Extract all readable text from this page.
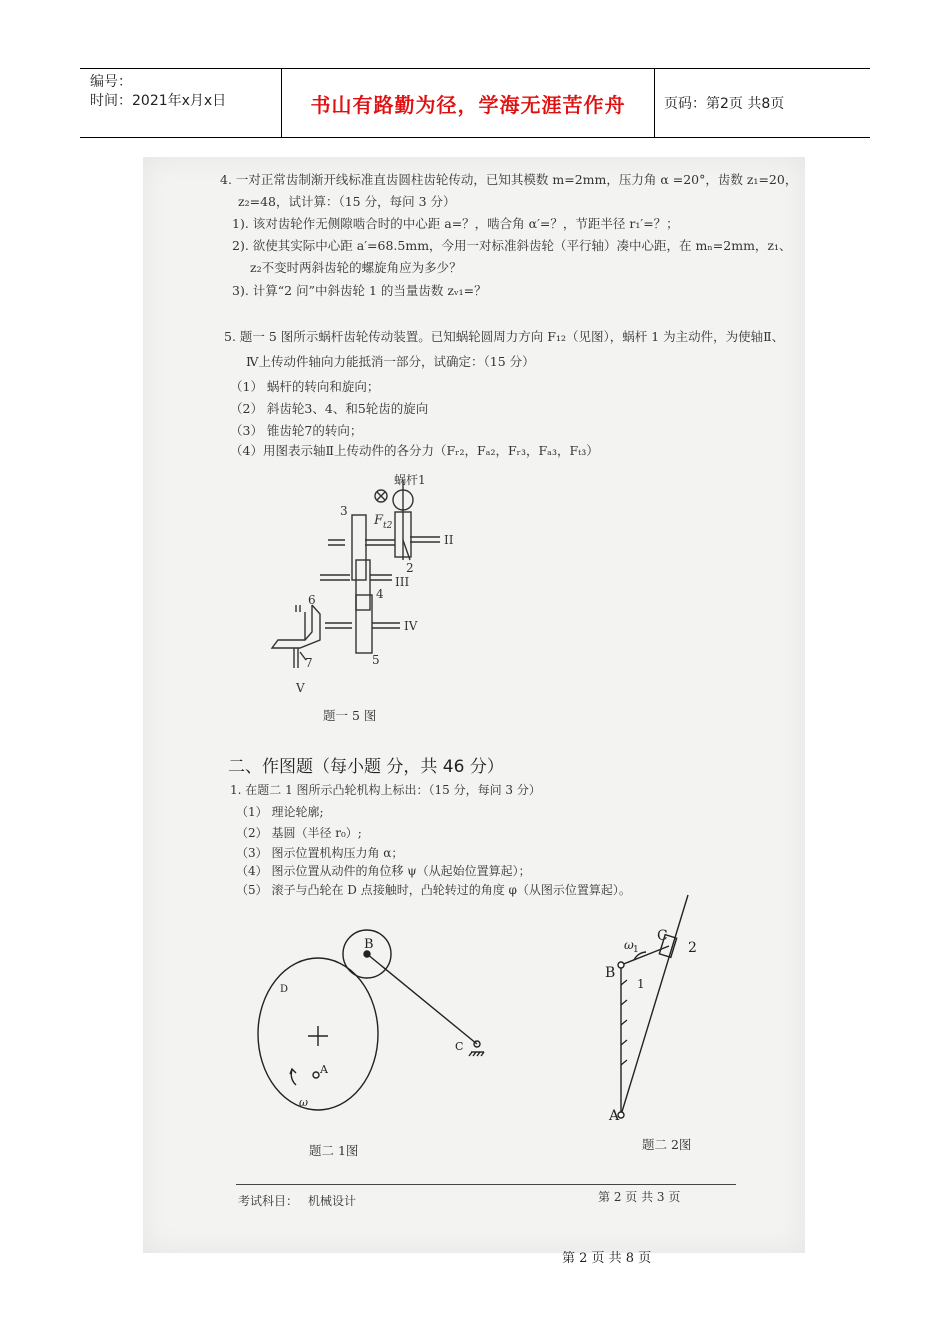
编号：
时间：2021年x月x日	书山有路勤为径，学海无涯苦作舟	页码：第2页 共8页
4. 一对正常齿制渐开线标准直齿圆柱齿轮传动，已知其模数 m=2mm，压力角 α =20°，齿数 z₁=20，
z₂=48，试计算：（15 分，每问 3 分）
1). 该对齿轮作无侧隙啮合时的中心距 a=？，啮合角 α′=？，节距半径 r₁′=？；
2). 欲使其实际中心距 a′=68.5mm，今用一对标准斜齿轮（平行轴）凑中心距，在 mₙ=2mm，z₁、
z₂不变时两斜齿轮的螺旋角应为多少？
3). 计算“2 问”中斜齿轮 1 的当量齿数 zᵥ₁=？
5. 题一 5 图所示蜗杆齿轮传动装置。已知蜗轮圆周力方向 F₁₂（见图），蜗杆 1 为主动件，为使轴Ⅱ、
Ⅳ上传动件轴向力能抵消一部分，试确定：（15 分）
（1） 蜗杆的转向和旋向；
（2） 斜齿轮3、4、和5轮齿的旋向
（3） 锥齿轮7的转向；
（4）用图表示轴Ⅱ上传动件的各分力（Fᵣ₂，Fₐ₂，Fᵣ₃，Fₐ₃，Fₜ₃）
蜗杆1
F t2
3
2
4
5
6
7
II
III
IV
V
题一 5 图
二、作图题（每小题 分，共 46 分）
1. 在题二 1 图所示凸轮机构上标出：（15 分，每问 3 分）
（1） 理论轮廓;
（2） 基圆（半径 r₀）;
（3） 图示位置机构压力角 α；
（4） 图示位置从动件的角位移 ψ（从起始位置算起）；
（5） 滚子与凸轮在 D 点接触时，凸轮转过的角度 φ（从图示位置算起）。
B
D
A
C
ω
题二 1图
B
C
A
1
2
ω 1
题二 2图
考试科目： 机械设计	第 2 页 共 3 页
第 2 页 共 8 页
